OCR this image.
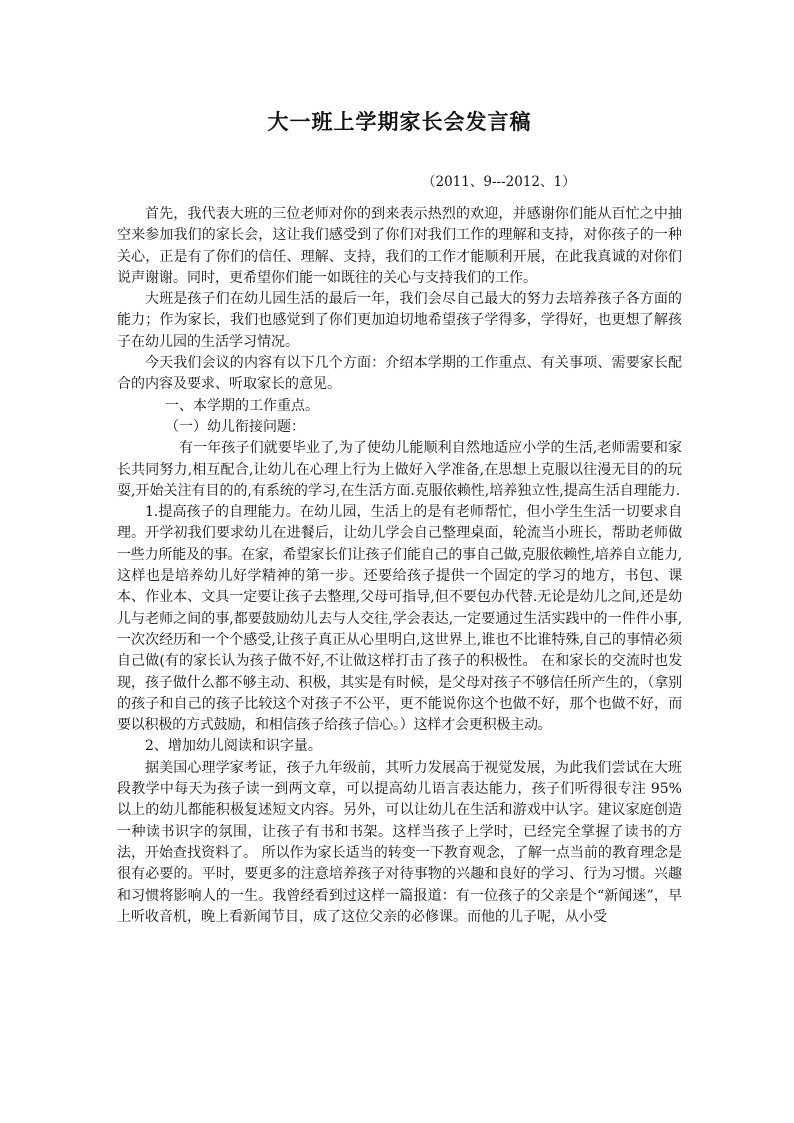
大一班上学期家长会发言稿
（2011、9---2012、1）

首先，我代表大班的三位老师对你的到来表示热烈的欢迎，并感谢你们能从百忙之中抽空来参加我们的家长会，这让我们感受到了你们对我们工作的理解和支持，对你孩子的一种关心，正是有了你们的信任、理解、支持，我们的工作才能顺利开展，在此我真诚的对你们说声谢谢。同时，更希望你们能一如既往的关心与支持我们的工作。

大班是孩子们在幼儿园生活的最后一年，我们会尽自己最大的努力去培养孩子各方面的能力；作为家长，我们也感觉到了你们更加迫切地希望孩子学得多，学得好，也更想了解孩子在幼儿园的生活学习情况。

今天我们会议的内容有以下几个方面：介绍本学期的工作重点、有关事项、需要家长配合的内容及要求、听取家长的意见。

一、本学期的工作重点。

（一）幼儿衔接问题：

有一年孩子们就要毕业了,为了使幼儿能顺利自然地适应小学的生活,老师需要和家长共同努力,相互配合,让幼儿在心理上行为上做好入学准备,在思想上克服以往漫无目的的玩耍,开始关注有目的的,有系统的学习,在生活方面.克服依赖性,培养独立性,提高生活自理能力.

1.提高孩子的自理能力。在幼儿园，生活上的是有老师帮忙，但小学生生活一切要求自理。开学初我们要求幼儿在进餐后，让幼儿学会自己整理桌面，轮流当小班长，帮助老师做一些力所能及的事。在家，希望家长们让孩子们能自己的事自己做,克服依赖性,培养自立能力,这样也是培养幼儿好学精神的第一步。还要给孩子提供一个固定的学习的地方，书包、课本、作业本、文具一定要让孩子去整理,父母可指导,但不要包办代替.无论是幼儿之间,还是幼儿与老师之间的事,都要鼓励幼儿去与人交往,学会表达,一定要通过生活实践中的一件件小事,一次次经历和一个个感受,让孩子真正从心里明白,这世界上,谁也不比谁特殊,自己的事情必须自己做(有的家长认为孩子做不好,不让做这样打击了孩子的积极性。 在和家长的交流时也发现，孩子做什么都不够主动、积极，其实是有时候，是父母对孩子不够信任所产生的，（拿别的孩子和自己的孩子比较这个对孩子不公平，更不能说你这个也做不好，那个也做不好，而要以积极的方式鼓励，和相信孩子给孩子信心。）这样才会更积极主动。

2、增加幼儿阅读和识字量。

据美国心理学家考证，孩子九年级前，其听力发展高于视觉发展，为此我们尝试在大班段教学中每天为孩子读一到两文章，可以提高幼儿语言表达能力，孩子们听得很专注 95%以上的幼儿都能积极复述短文内容。另外，可以让幼儿在生活和游戏中认字。建议家庭创造一种读书识字的氛围，让孩子有书和书架。这样当孩子上学时，已经完全掌握了读书的方法，开始查找资料了。 所以作为家长适当的转变一下教育观念，了解一点当前的教育理念是很有必要的。平时，要更多的注意培养孩子对待事物的兴趣和良好的学习、行为习惯。兴趣和习惯将影响人的一生。我曾经看到过这样一篇报道：有一位孩子的父亲是个“新闻迷”，早上听收音机，晚上看新闻节目，成了这位父亲的必修课。而他的儿子呢，从小受
